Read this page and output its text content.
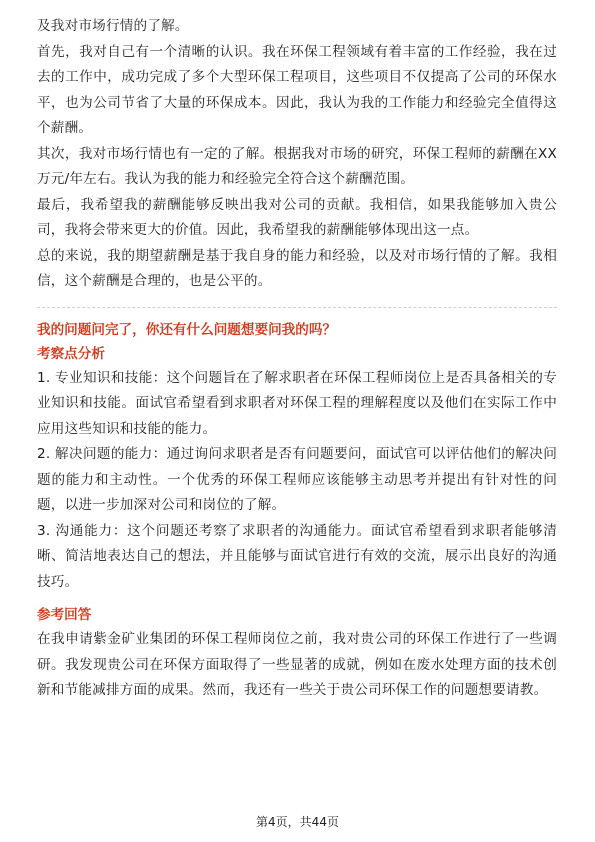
及我对市场行情的了解。

首先，我对自己有一个清晰的认识。我在环保工程领域有着丰富的工作经验，我在过去的工作中，成功完成了多个大型环保工程项目，这些项目不仅提高了公司的环保水平，也为公司节省了大量的环保成本。因此，我认为我的工作能力和经验完全值得这个薪酬。

其次，我对市场行情也有一定的了解。根据我对市场的研究，环保工程师的薪酬在XX万元/年左右。我认为我的能力和经验完全符合这个薪酬范围。

最后，我希望我的薪酬能够反映出我对公司的贡献。我相信，如果我能够加入贵公司，我将会带来更大的价值。因此，我希望我的薪酬能够体现出这一点。

总的来说，我的期望薪酬是基于我自身的能力和经验，以及对市场行情的了解。我相信，这个薪酬是合理的，也是公平的。

我的问题问完了，你还有什么问题想要问我的吗？

考察点分析

1. 专业知识和技能：这个问题旨在了解求职者在环保工程师岗位上是否具备相关的专业知识和技能。面试官希望看到求职者对环保工程的理解程度以及他们在实际工作中应用这些知识和技能的能力。

2. 解决问题的能力：通过询问求职者是否有问题要问，面试官可以评估他们的解决问题的能力和主动性。一个优秀的环保工程师应该能够主动思考并提出有针对性的问题，以进一步加深对公司和岗位的了解。

3. 沟通能力：这个问题还考察了求职者的沟通能力。面试官希望看到求职者能够清晰、简洁地表达自己的想法，并且能够与面试官进行有效的交流，展示出良好的沟通技巧。

参考回答

在我申请紫金矿业集团的环保工程师岗位之前，我对贵公司的环保工作进行了一些调研。我发现贵公司在环保方面取得了一些显著的成就，例如在废水处理方面的技术创新和节能减排方面的成果。然而，我还有一些关于贵公司环保工作的问题想要请教。

第4页，共44页
